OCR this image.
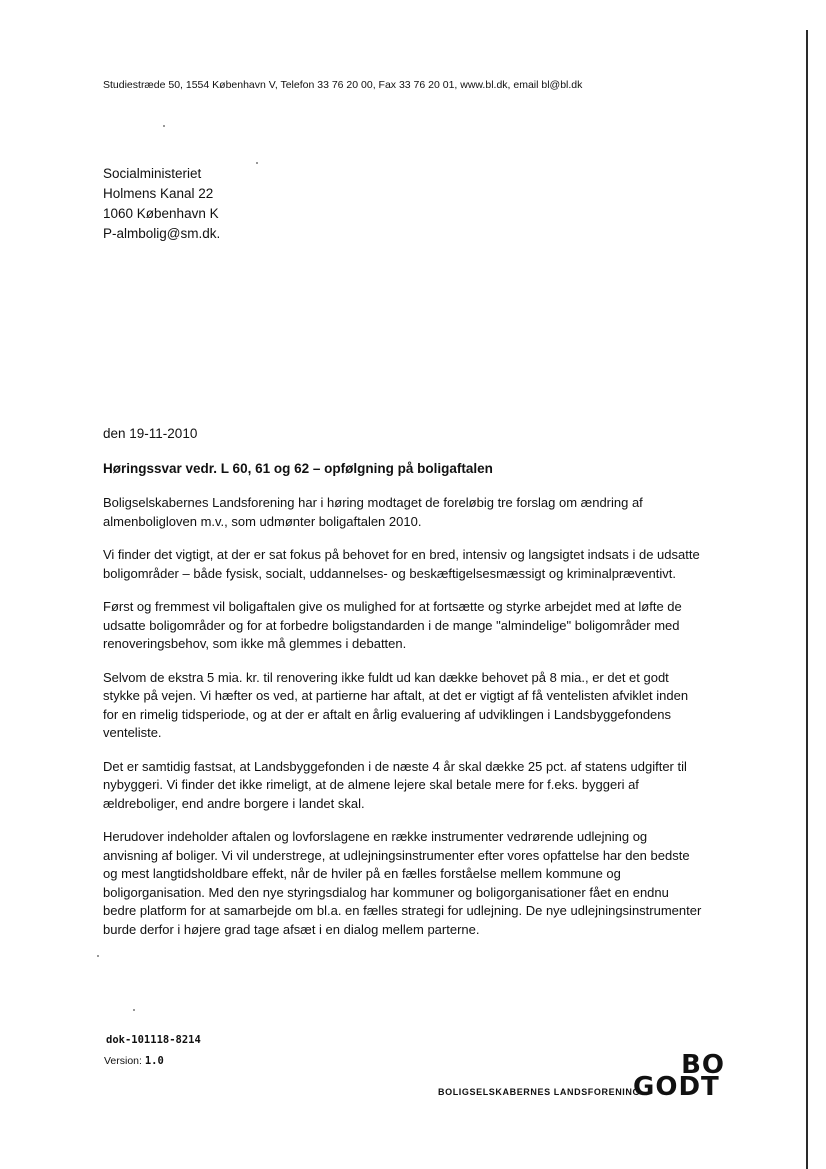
Studiestræde 50, 1554 København V, Telefon 33 76 20 00, Fax 33 76 20 01, www.bl.dk, email bl@bl.dk
Socialministeriet
Holmens Kanal 22
1060 København K
P-almbolig@sm.dk.
den 19-11-2010
Høringssvar vedr. L 60, 61 og 62 – opfølgning på boligaftalen

Boligselskabernes Landsforening har i høring modtaget de foreløbig tre forslag om ændring af almenboligloven m.v., som udmønter boligaftalen 2010.

Vi finder det vigtigt, at der er sat fokus på behovet for en bred, intensiv og langsigtet indsats i de udsatte boligområder – både fysisk, socialt, uddannelses- og beskæftigelsesmæssigt og kriminalpræventivt.

Først og fremmest vil boligaftalen give os mulighed for at fortsætte og styrke arbejdet med at løfte de udsatte boligområder og for at forbedre boligstandarden i de mange "almindelige" boligområder med renoveringsbehov, som ikke må glemmes i debatten.

Selvom de ekstra 5 mia. kr. til renovering ikke fuldt ud kan dække behovet på 8 mia., er det et godt stykke på vejen. Vi hæfter os ved, at partierne har aftalt, at det er vigtigt af få ventelisten afviklet inden for en rimelig tidsperiode, og at der er aftalt en årlig evaluering af udviklingen i Landsbyggefondens venteliste.

Det er samtidig fastsat, at Landsbyggefonden i de næste 4 år skal dække 25 pct. af statens udgifter til nybyggeri. Vi finder det ikke rimeligt, at de almene lejere skal betale mere for f.eks. byggeri af ældreboliger, end andre borgere i landet skal.

Herudover indeholder aftalen og lovforslagene en række instrumenter vedrørende udlejning og anvisning af boliger. Vi vil understrege, at udlejningsinstrumenter efter vores opfattelse har den bedste og mest langtidsholdbare effekt, når de hviler på en fælles forståelse mellem kommune og boligorganisation. Med den nye styringsdialog har kommuner og boligorganisationer fået en endnu bedre platform for at samarbejde om bl.a. en fælles strategi for udlejning. De nye udlejningsinstrumenter burde derfor i højere grad tage afsæt i en dialog mellem parterne.

dok-101118-8214
Version: 1.0
BOLIGSELSKABERNES LANDSFORENING
BO
GODT
